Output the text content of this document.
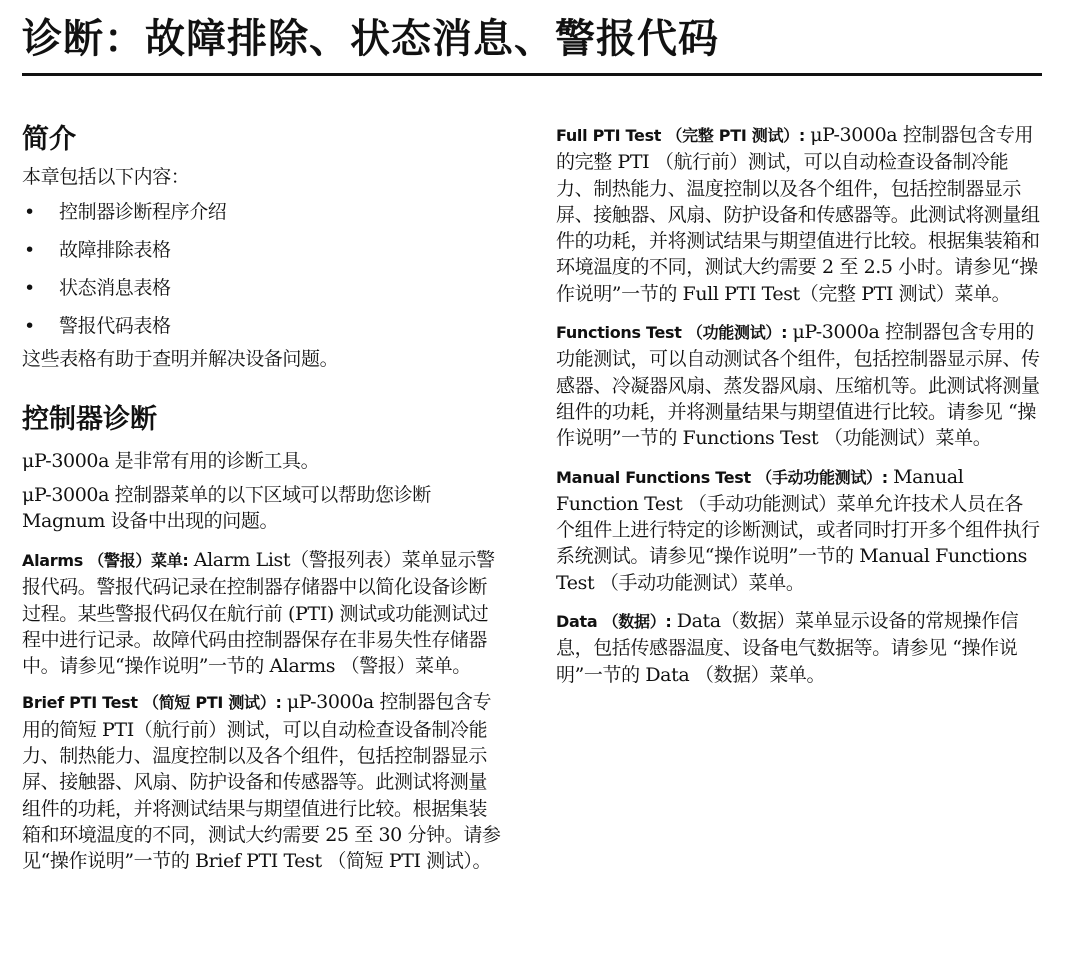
诊断：故障排除、状态消息、警报代码
简介

本章包括以下内容：

• 控制器诊断程序介绍
• 故障排除表格
• 状态消息表格
• 警报代码表格

这些表格有助于查明并解决设备问题。

控制器诊断

μP-3000a 是非常有用的诊断工具。

μP-3000a 控制器菜单的以下区域可以帮助您诊断 Magnum 设备中出现的问题。

Alarms （警报）菜单: Alarm List（警报列表）菜单显示警报代码。警报代码记录在控制器存储器中以简化设备诊断过程。某些警报代码仅在航行前 (PTI) 测试或功能测试过程中进行记录。故障代码由控制器保存在非易失性存储器中。请参见“操作说明”一节的 Alarms （警报）菜单。

Brief PTI Test （简短 PTI 测试）: μP-3000a 控制器包含专用的简短 PTI（航行前）测试，可以自动检查设备制冷能力、制热能力、温度控制以及各个组件，包括控制器显示屏、接触器、风扇、防护设备和传感器等。此测试将测量组件的功耗，并将测试结果与期望值进行比较。根据集装箱和环境温度的不同，测试大约需要 25 至 30 分钟。请参见“操作说明”一节的 Brief PTI Test （简短 PTI 测试）。

Full PTI Test （完整 PTI 测试）: μP-3000a 控制器包含专用的完整 PTI （航行前）测试，可以自动检查设备制冷能力、制热能力、温度控制以及各个组件，包括控制器显示屏、接触器、风扇、防护设备和传感器等。此测试将测量组件的功耗，并将测试结果与期望值进行比较。根据集装箱和环境温度的不同，测试大约需要 2 至 2.5 小时。请参见“操作说明”一节的 Full PTI Test（完整 PTI 测试）菜单。

Functions Test （功能测试）: μP-3000a 控制器包含专用的功能测试，可以自动测试各个组件，包括控制器显示屏、传感器、冷凝器风扇、蒸发器风扇、压缩机等。此测试将测量组件的功耗，并将测量结果与期望值进行比较。请参见 “操作说明”一节的 Functions Test （功能测试）菜单。

Manual Functions Test （手动功能测试）: Manual Function Test （手动功能测试）菜单允许技术人员在各个组件上进行特定的诊断测试，或者同时打开多个组件执行系统测试。请参见“操作说明”一节的 Manual Functions Test （手动功能测试）菜单。

Data （数据）: Data（数据）菜单显示设备的常规操作信息，包括传感器温度、设备电气数据等。请参见 “操作说明”一节的 Data （数据）菜单。
